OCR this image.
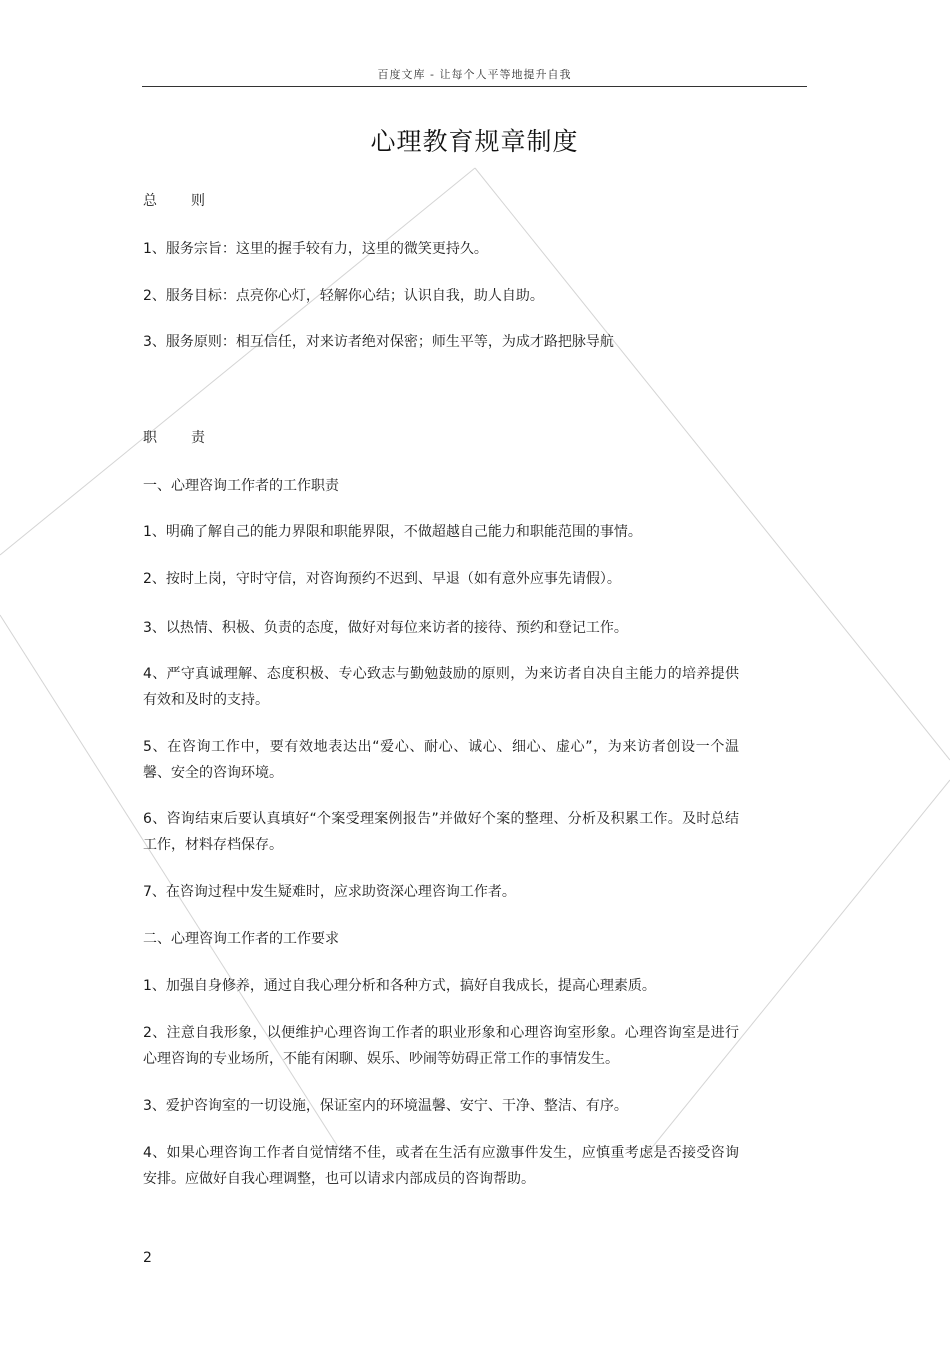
百度文库 - 让每个人平等地提升自我
心理教育规章制度
总则
1、服务宗旨：这里的握手较有力，这里的微笑更持久。
2、服务目标：点亮你心灯，轻解你心结；认识自我，助人自助。
3、服务原则：相互信任，对来访者绝对保密；师生平等，为成才路把脉导航
职责
一、心理咨询工作者的工作职责
1、明确了解自己的能力界限和职能界限，不做超越自己能力和职能范围的事情。
2、按时上岗，守时守信，对咨询预约不迟到、早退（如有意外应事先请假）。
3、以热情、积极、负责的态度，做好对每位来访者的接待、预约和登记工作。
4、严守真诚理解、态度积极、专心致志与勤勉鼓励的原则，为来访者自决自主能力的培养提供有效和及时的支持。
5、在咨询工作中，要有效地表达出“爱心、耐心、诚心、细心、虚心”，为来访者创设一个温馨、安全的咨询环境。
6、咨询结束后要认真填好“个案受理案例报告”并做好个案的整理、分析及积累工作。及时总结工作，材料存档保存。
7、在咨询过程中发生疑难时，应求助资深心理咨询工作者。
二、心理咨询工作者的工作要求
1、加强自身修养，通过自我心理分析和各种方式，搞好自我成长，提高心理素质。
2、注意自我形象，以便维护心理咨询工作者的职业形象和心理咨询室形象。心理咨询室是进行心理咨询的专业场所，不能有闲聊、娱乐、吵闹等妨碍正常工作的事情发生。
3、爱护咨询室的一切设施，保证室内的环境温馨、安宁、干净、整洁、有序。
4、如果心理咨询工作者自觉情绪不佳，或者在生活有应激事件发生，应慎重考虑是否接受咨询安排。应做好自我心理调整，也可以请求内部成员的咨询帮助。
2
